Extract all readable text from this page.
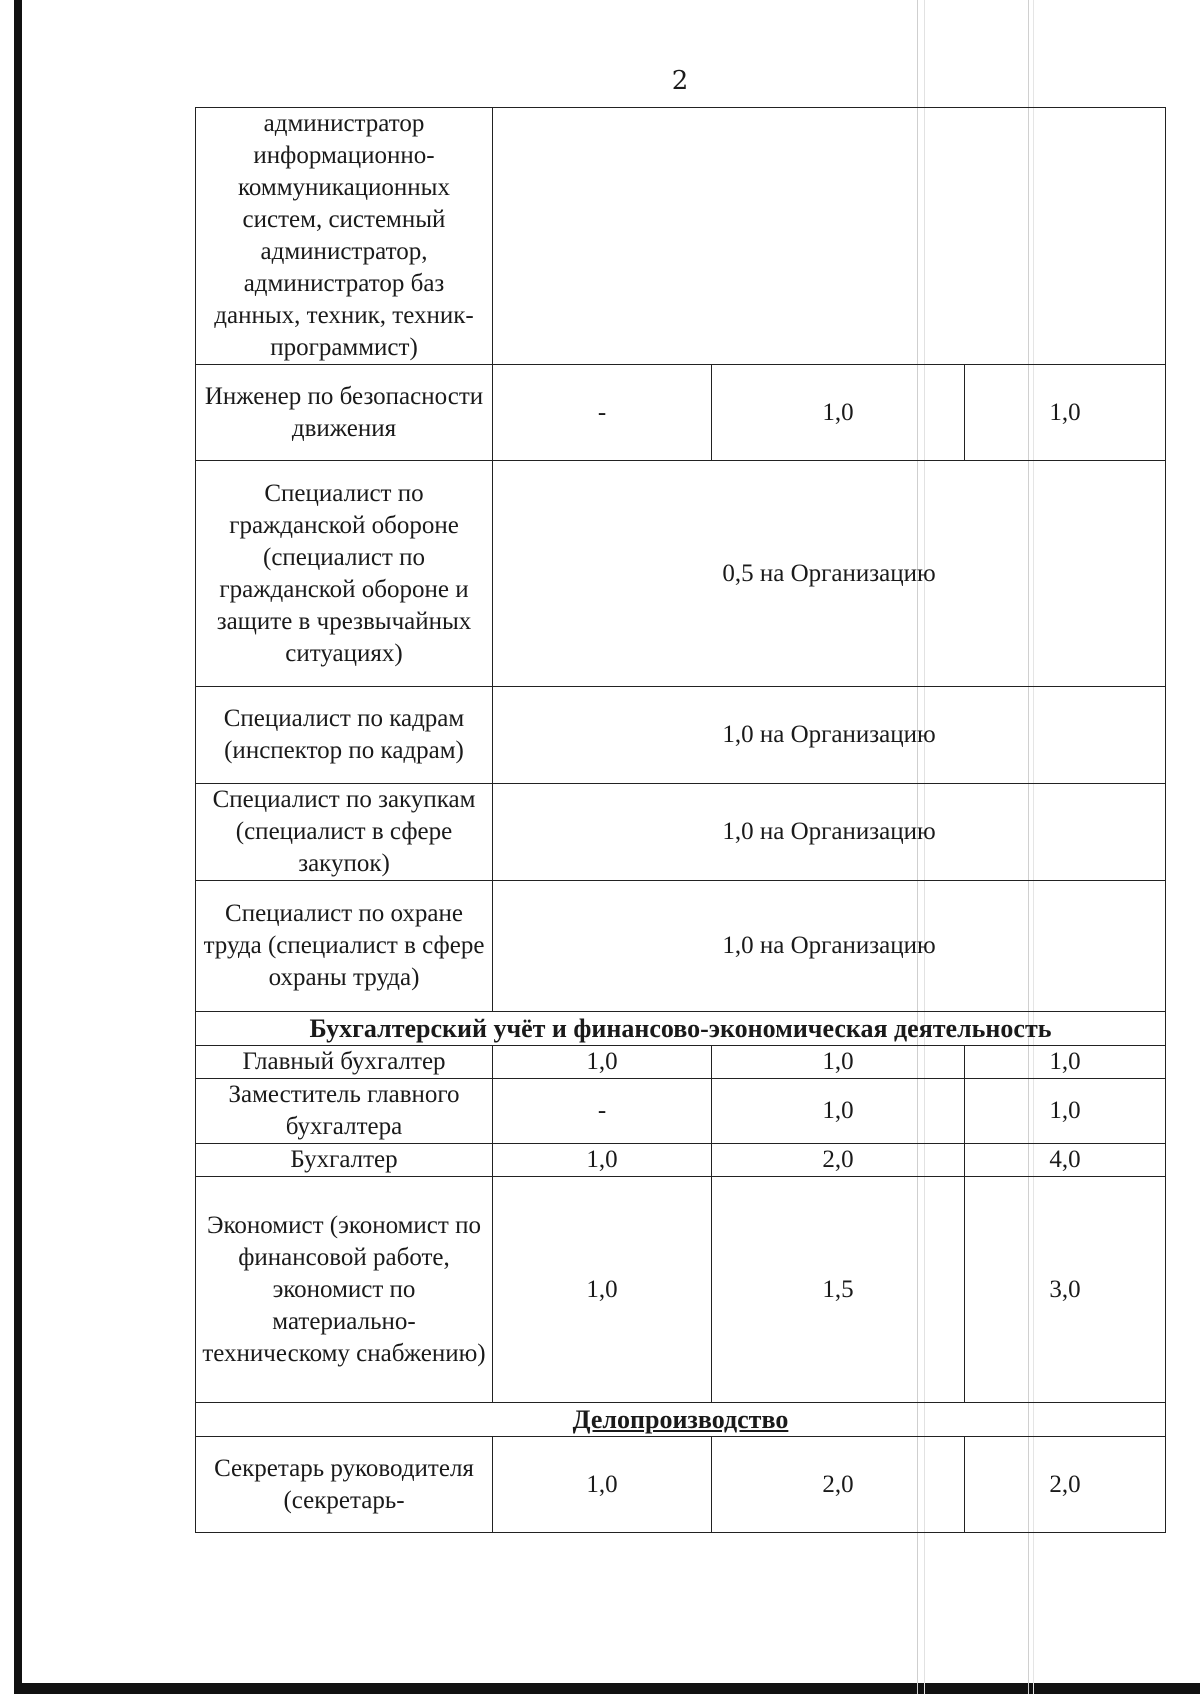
2
администратор информационно-коммуникационных систем, системный администратор, администратор баз данных, техник, техник-программист)			
Инженер по безопасности движения	-	1,0	1,0
Специалист по гражданской обороне (специалист по гражданской обороне и защите в чрезвычайных ситуациях)	0,5 на Организацию		
Специалист по кадрам (инспектор по кадрам)	1,0 на Организацию		
Специалист по закупкам (специалист в сфере закупок)	1,0 на Организацию		
Специалист по охране труда (специалист в сфере охраны труда)	1,0 на Организацию		
Бухгалтерский учёт и финансово-экономическая деятельность			
Главный бухгалтер	1,0	1,0	1,0
Заместитель главного бухгалтера	-	1,0	1,0
Бухгалтер	1,0	2,0	4,0
Экономист (экономист по финансовой работе, экономист по материально-техническому снабжению)	1,0	1,5	3,0
Делопроизводство			
Секретарь руководителя (секретарь-	1,0	2,0	2,0
